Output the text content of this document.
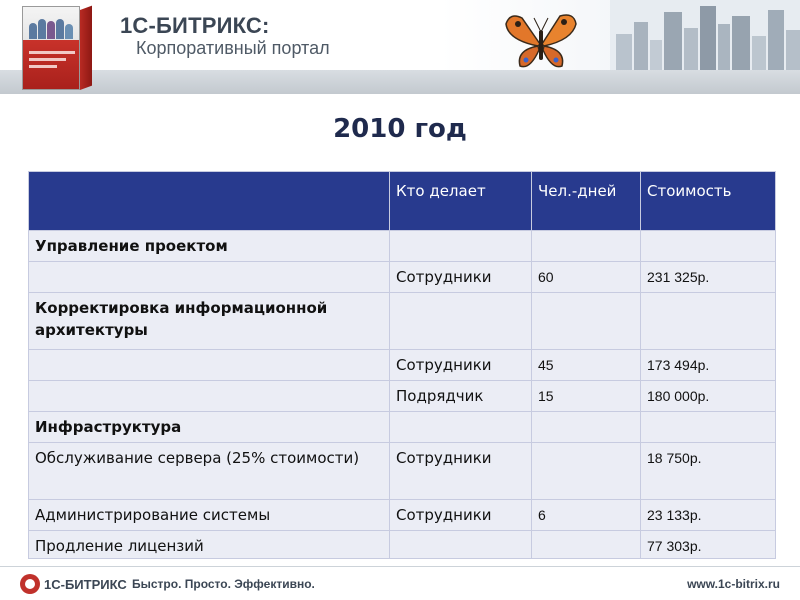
1С-БИТРИКС:
Корпоративный портал
2010 год
	Кто делает	Чел.-дней	Стоимость
Управление проектом			
	Сотрудники	60	231 325р.
Корректировка информационной архитектуры			
	Сотрудники	45	173 494р.
	Подрядчик	15	180 000р.
Инфраструктура			
Обслуживание сервера (25% стоимости)	Сотрудники		18 750р.
Администрирование системы	Сотрудники	6	23 133р.
Продление лицензий			77 303р.
1С-БИТРИКС Быстро. Просто. Эффективно.	www.1c-bitrix.ru
